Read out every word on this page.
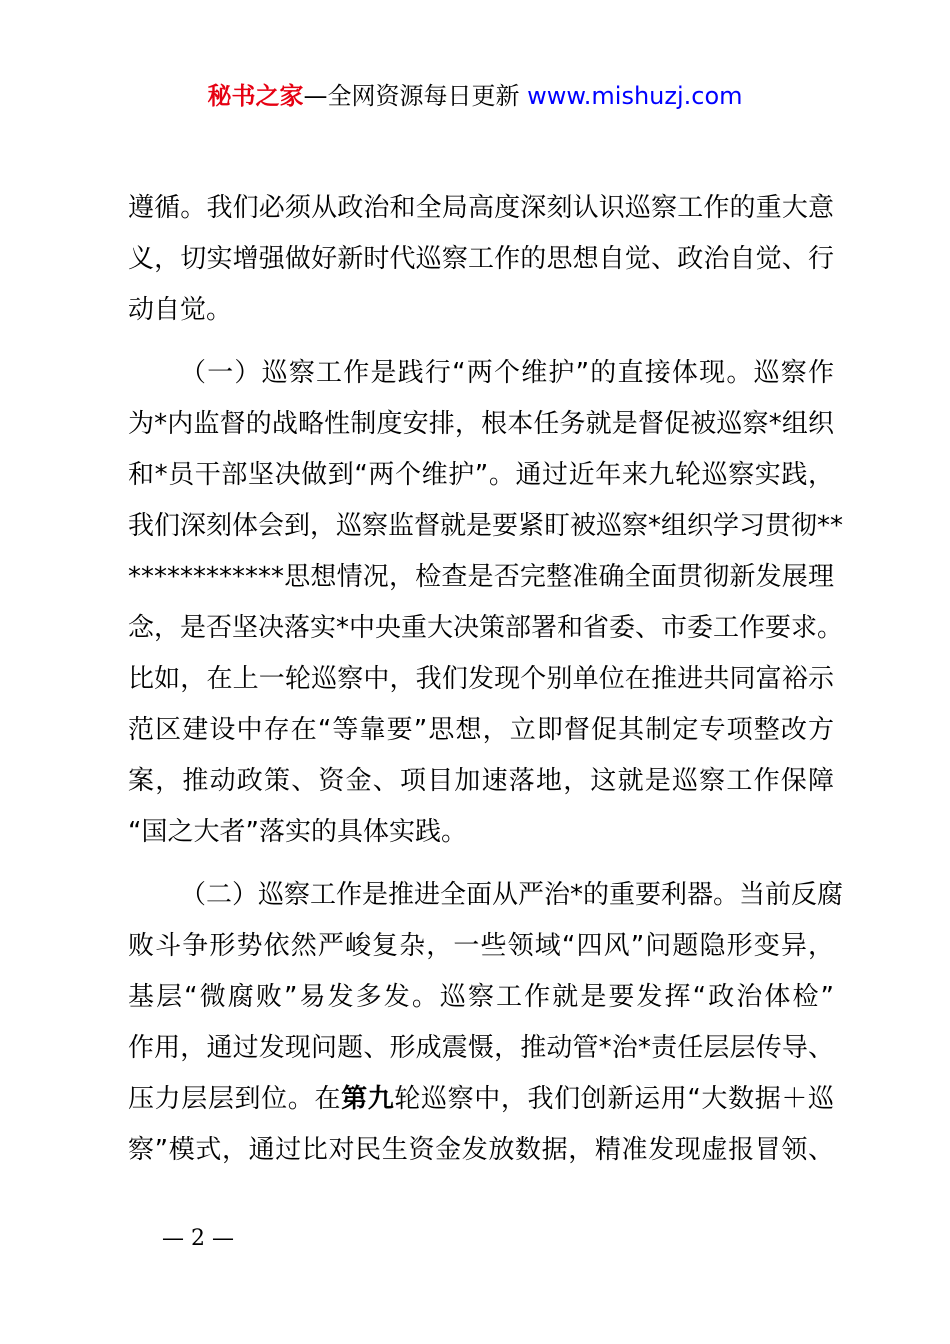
秘书之家—全网资源每日更新 www.mishuzj.com
遵循。我们必须从政治和全局高度深刻认识巡察工作的重大意
义，切实增强做好新时代巡察工作的思想自觉、政治自觉、行
动自觉。
（一）巡察工作是践行“两个维护”的直接体现。巡察作
为*内监督的战略性制度安排，根本任务就是督促被巡察*组织
和*员干部坚决做到“两个维护”。通过近年来九轮巡察实践，
我们深刻体会到，巡察监督就是要紧盯被巡察*组织学习贯彻**
************思想情况，检查是否完整准确全面贯彻新发展理
念，是否坚决落实*中央重大决策部署和省委、市委工作要求。
比如，在上一轮巡察中，我们发现个别单位在推进共同富裕示
范区建设中存在“等靠要”思想，立即督促其制定专项整改方
案，推动政策、资金、项目加速落地，这就是巡察工作保障
“国之大者”落实的具体实践。
（二）巡察工作是推进全面从严治*的重要利器。当前反腐
败斗争形势依然严峻复杂，一些领域“四风”问题隐形变异，
基层“微腐败”易发多发。巡察工作就是要发挥“政治体检”
作用，通过发现问题、形成震慑，推动管*治*责任层层传导、
压力层层到位。在第九轮巡察中，我们创新运用“大数据＋巡
察”模式，通过比对民生资金发放数据，精准发现虚报冒领、
— 2 —
